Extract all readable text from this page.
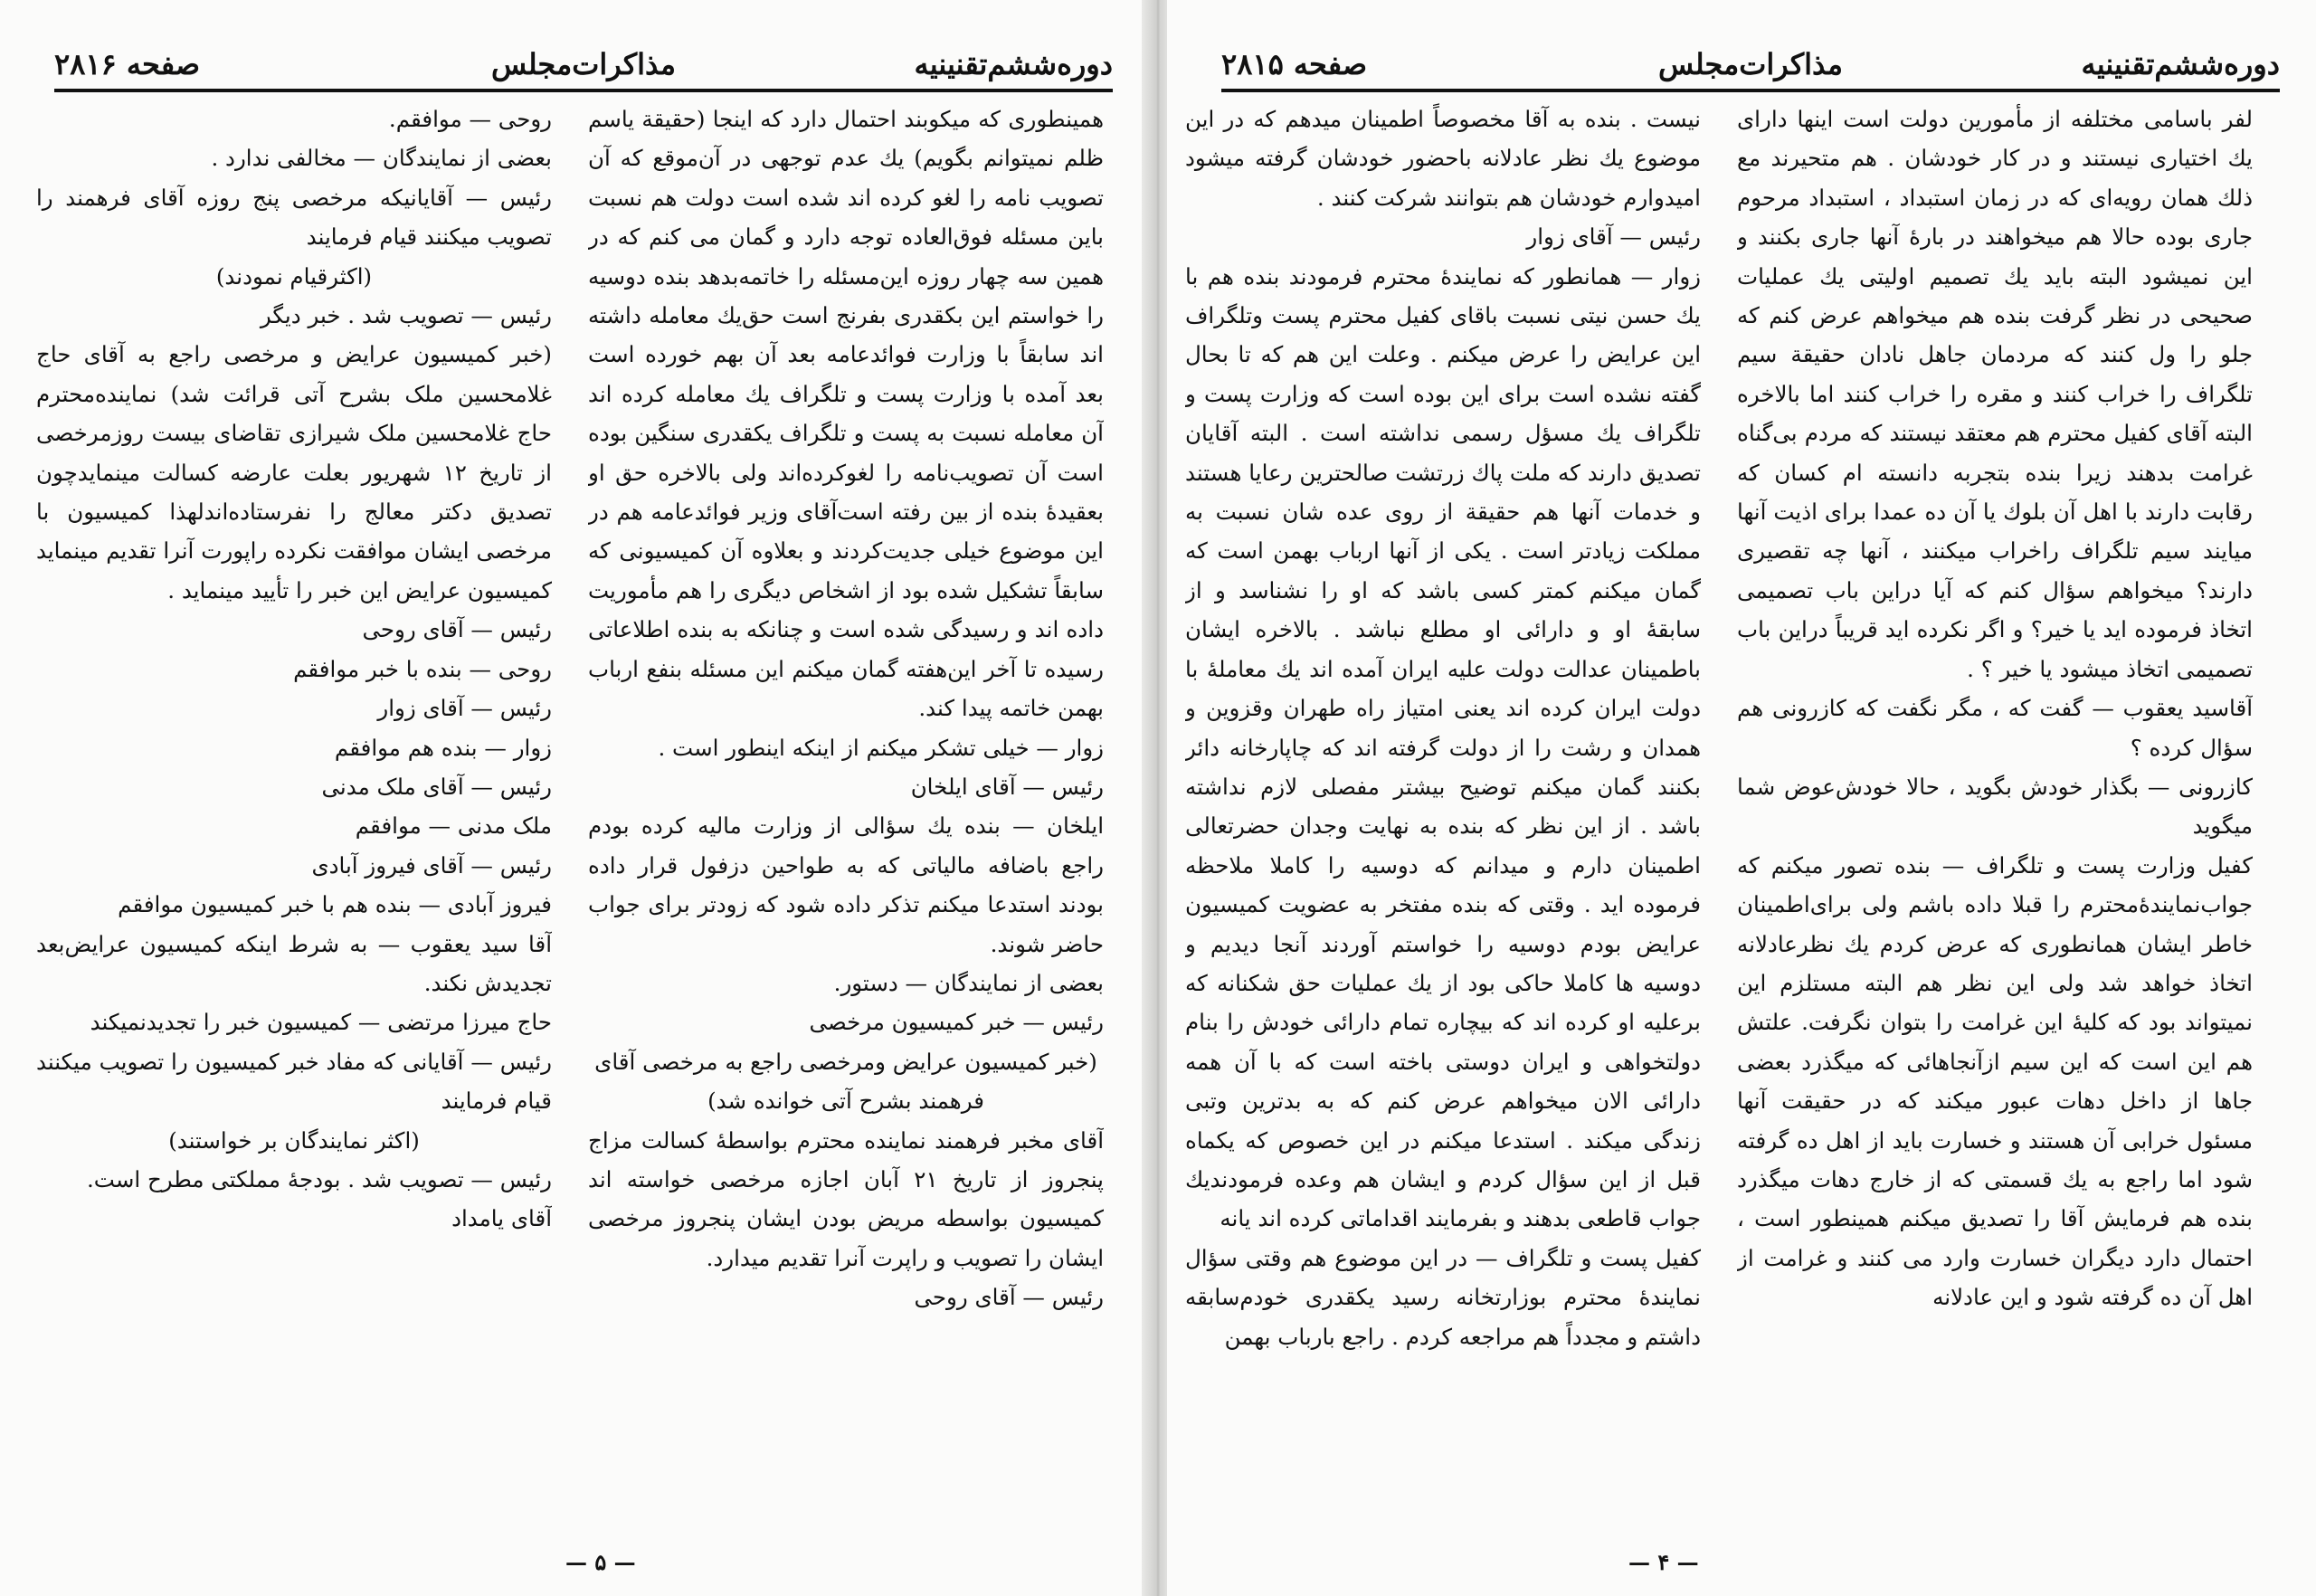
دوره‌ششم‌تقنینیه
مذاکرات‌مجلس
صفحه ۲۸۱۶

روحی — موافقم.

بعضی از نمایندگان — مخالفی ندارد .

رئیس — آقایانیکه مرخصی پنج روزه آقای فرهمند را تصویب میکنند قیام فرمایند

(اکثرقیام نمودند)

رئیس — تصویب شد . خبر دیگر

(خبر کمیسیون عرایض و مرخصی راجع به آقای حاج غلامحسین ملک بشرح آتی قرائت شد) نماینده‌محترم حاج غلامحسین ملک شیرازی تقاضای بیست روزمرخصی از تاریخ ۱۲ شهریور بعلت عارضه کسالت مینمایدچون تصدیق دکتر معالج را نفرستاده‌اندلهذا کمیسیون با مرخصی ایشان موافقت نکرده راپورت آنرا تقدیم مینماید کمیسیون عرایض این خبر را تأیید مینماید .

رئیس — آقای روحی

روحی — بنده با خبر موافقم

رئیس — آقای زوار

زوار — بنده هم موافقم

رئیس — آقای ملک مدنی

ملک مدنی — موافقم

رئیس — آقای فیروز آبادی

فیروز آبادی — بنده هم با خبر کمیسیون موافقم

آقا سید یعقوب — به شرط اینکه کمیسیون عرایض‌بعد تجدیدش نکند.

حاج میرزا مرتضی — کمیسیون خبر را تجدیدنمیکند

رئیس — آقایانی که مفاد خبر کمیسیون را تصویب میکنند قیام فرمایند

(اکثر نمایندگان بر خواستند)

رئیس — تصویب شد . بودجهٔ مملکتی مطرح است.

آقای یامداد

همینطوری که میکوبند احتمال دارد که اینجا (حقیقة یاسم ظلم نمیتوانم بگویم) یك عدم توجهی در آن‌موقع که آن تصویب نامه را لغو کرده اند شده است دولت هم نسبت باین مسئله فوق‌العاده توجه دارد و گمان می کنم که در همین سه چهار روزه این‌مسئله را خاتمه‌بدهد بنده دوسیه را خواستم این بکقدری بفرنج است حق‌یك معامله داشته اند سابقاً با وزارت فوائدعامه بعد آن بهم خورده است بعد آمده با وزارت پست و تلگراف یك معامله کرده اند آن معامله نسبت به پست و تلگراف یکقدری سنگین بوده است آن تصویب‌نامه را لغوکرده‌اند ولی بالاخره حق او بعقیدهٔ بنده از بین رفته است‌آقای وزیر فوائدعامه هم در این موضوع خیلی جدیت‌کردند و بعلاوه آن کمیسیونی که سابقاً تشکیل شده بود از اشخاص دیگری را هم مأموریت داده اند و رسیدگی شده است و چنانکه به بنده اطلاعاتی رسیده تا آخر این‌هفته گمان میکنم این مسئله بنفع ارباب بهمن خاتمه پیدا کند.

زوار — خیلی تشکر میکنم از اینکه اینطور است .

رئیس — آقای ایلخان

ایلخان — بنده یك سؤالی از وزارت مالیه کرده بودم راجع باضافه مالیاتی که به طواحین دزفول قرار داده بودند استدعا میکنم تذکر داده شود که زودتر برای جواب حاضر شوند.

بعضی از نمایندگان — دستور.

رئیس — خبر کمیسیون مرخصی

(خبر کمیسیون عرایض ومرخصی راجع به مرخصی آقای فرهمند بشرح آتی خوانده شد)

آقای مخبر فرهمند نماینده محترم بواسطهٔ کسالت مزاج پنجروز از تاریخ ۲۱ آبان اجازه مرخصی خواسته اند کمیسیون بواسطه مریض بودن ایشان پنجروز مرخصی ایشان را تصویب و راپرت آنرا تقدیم میدارد.

رئیس — آقای روحی

— ۵ —
دوره‌ششم‌تقنینیه
مذاکرات‌مجلس
صفحه ۲۸۱۵

نیست . بنده به آقا مخصوصاً اطمینان میدهم که در این موضوع یك نظر عادلانه باحضور خودشان گرفته میشود امیدوارم خودشان هم بتوانند شرکت کنند .

رئیس — آقای زوار

زوار — همانطور که نمایندهٔ محترم فرمودند بنده هم با یك حسن نیتی نسبت باقای کفیل محترم پست وتلگراف این عرایض را عرض میکنم . وعلت این هم که تا بحال گفته نشده است برای این بوده است که وزارت پست و تلگراف یك مسؤل رسمی نداشته است . البته آقایان تصدیق دارند که ملت پاك زرتشت صالحترین رعایا هستند و خدمات آنها هم حقیقة از روی عده شان نسبت به مملکت زیادتر است . یکی از آنها ارباب بهمن است که گمان میکنم کمتر کسی باشد که او را نشناسد و از سابقهٔ او و دارائی او مطلع نباشد . بالاخره ایشان باطمینان عدالت دولت علیه ایران آمده اند یك معاملهٔ با دولت ایران کرده اند یعنی امتیاز راه طهران وقزوین و همدان و رشت را از دولت گرفته اند که چاپارخانه دائر بکنند گمان میکنم توضیح بیشتر مفصلی لازم نداشته باشد . از این نظر که بنده به نهایت وجدان حضرتعالی اطمینان دارم و میدانم که دوسیه را کاملا ملاحظه فرموده اید . وقتی که بنده مفتخر به عضویت کمیسیون عرایض بودم دوسیه را خواستم آوردند آنجا دیدیم و دوسیه ها کاملا حاکی بود از یك عملیات حق شکنانه که برعلیه او کرده اند که بیچاره تمام دارائی خودش را بنام دولتخواهی و ایران دوستی باخته است که با آن همه دارائی الان میخواهم عرض کنم که به بدترین وتبی زندگی میکند . استدعا میکنم در این خصوص که یکماه قبل از این سؤال کردم و ایشان هم وعده فرمودندیك جواب قاطعی بدهند و بفرمایند اقداماتی کرده اند یانه

کفیل پست و تلگراف — در این موضوع هم وقتی سؤال نمایندهٔ محترم بوزارتخانه رسید یکقدری خودم‌سابقه داشتم و مجدداً هم مراجعه کردم . راجع بارباب بهمن

لفر باسامی مختلفه از مأمورین دولت است اینها دارای یك اختیاری نیستند و در کار خودشان . هم متحیرند مع ذلك همان رویه‌ای که در زمان استبداد ، استبداد مرحوم جاری بوده حالا هم میخواهند در بارهٔ آنها جاری بکنند و این نمیشود البته باید یك تصمیم اولیتی یك عملیات صحیحی در نظر گرفت بنده هم میخواهم عرض کنم که جلو را ول کنند که مردمان جاهل نادان حقیقة سیم تلگراف را خراب کنند و مقره را خراب کنند اما بالاخره البته آقای کفیل محترم هم معتقد نیستند که مردم بی‌گناه غرامت بدهند زیرا بنده بتجربه دانسته ام کسان که رقابت دارند با اهل آن بلوك یا آن ده عمدا برای اذیت آنها میایند سیم تلگراف راخراب میکنند ، آنها چه تقصیری دارند؟ میخواهم سؤال کنم که آیا دراین باب تصمیمی اتخاذ فرموده اید یا خیر؟ و اگر نکرده اید قریباً دراین باب تصمیمی اتخاذ میشود یا خیر ؟ .

آقاسید یعقوب — گفت که ، مگر نگفت که کازرونی هم سؤال کرده ؟

کازرونی — بگذار خودش بگوید ، حالا خودش‌عوض شما میگوید

کفیل وزارت پست و تلگراف — بنده تصور میکنم که جواب‌نمایندهٔ‌محترم را قبلا داده باشم ولی برای‌اطمینان خاطر ایشان همانطوری که عرض کردم یك نظرعادلانه اتخاذ خواهد شد ولی این نظر هم البته مستلزم این نمیتواند بود که کلیهٔ این غرامت را بتوان نگرفت. علتش هم این است که این سیم ازآنجاهائی که میگذرد بعضی جاها از داخل دهات عبور میکند که در حقیقت آنها مسئول خرابی آن هستند و خسارت باید از اهل ده گرفته شود اما راجع به یك قسمتی که از خارج دهات میگذرد بنده هم فرمایش آقا را تصدیق میکنم همینطور است ، احتمال دارد دیگران خسارت وارد می کنند و غرامت از اهل آن ده گرفته شود و این عادلانه

— ۴ —
